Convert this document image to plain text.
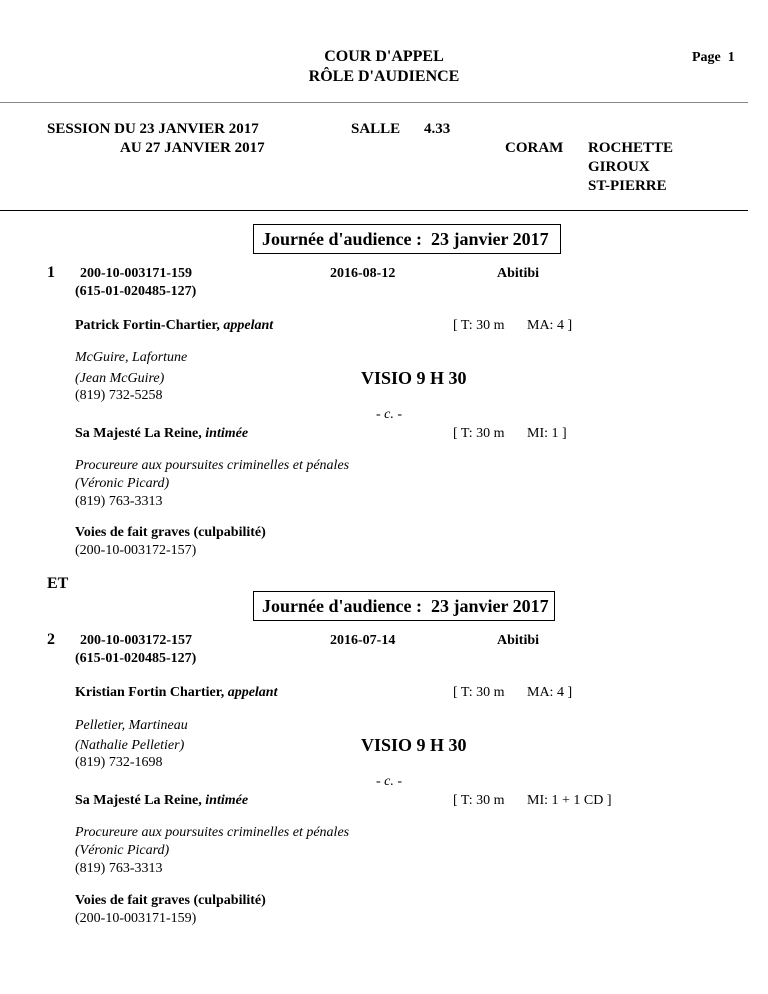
COUR D'APPEL
RÔLE D'AUDIENCE
Page 1
SESSION DU 23 JANVIER 2017
AU 27 JANVIER 2017
SALLE 4.33
CORAM ROCHETTE
GIROUX
ST-PIERRE
Journée d'audience : 23 janvier 2017
1 200-10-003171-159
(615-01-020485-127)
2016-08-12	Abitibi
Patrick Fortin-Chartier, appelant	[ T: 30 m MA: 4 ]
McGuire, Lafortune
(Jean McGuire)
(819) 732-5258
VISIO 9 H 30
- c. -
Sa Majesté La Reine, intimée	[ T: 30 m MI: 1 ]
Procureure aux poursuites criminelles et pénales
(Véronic Picard)
(819) 763-3313
Voies de fait graves (culpabilité)
(200-10-003172-157)
ET
Journée d'audience : 23 janvier 2017
2 200-10-003172-157
(615-01-020485-127)
2016-07-14	Abitibi
Kristian Fortin Chartier, appelant	[ T: 30 m MA: 4 ]
Pelletier, Martineau
(Nathalie Pelletier)
(819) 732-1698
VISIO 9 H 30
- c. -
Sa Majesté La Reine, intimée	[ T: 30 m MI: 1 + 1 CD ]
Procureure aux poursuites criminelles et pénales
(Véronic Picard)
(819) 763-3313
Voies de fait graves (culpabilité)
(200-10-003171-159)
